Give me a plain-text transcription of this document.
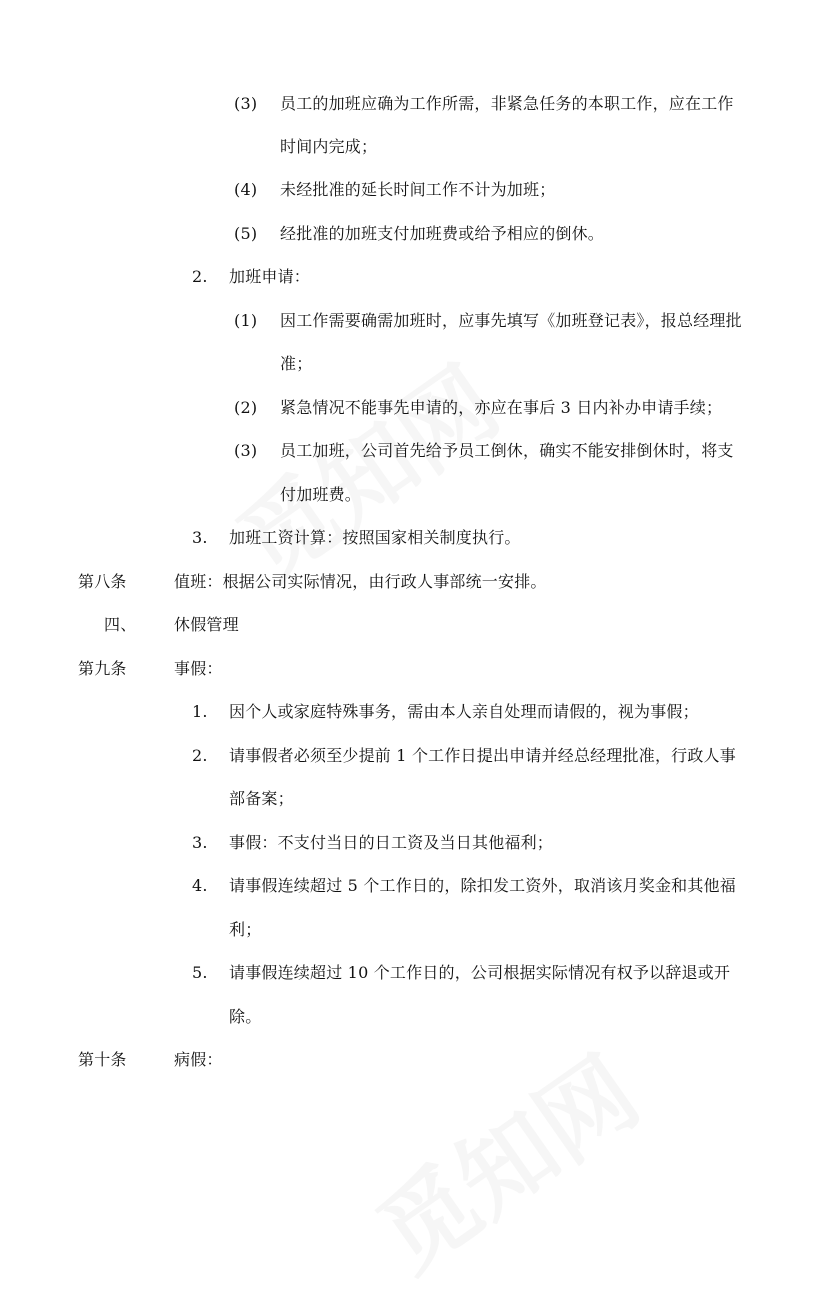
(3) 员工的加班应确为工作所需，非紧急任务的本职工作，应在工作
时间内完成；
(4) 未经批准的延长时间工作不计为加班；
(5) 经批准的加班支付加班费或给予相应的倒休。
2. 加班申请：
(1) 因工作需要确需加班时，应事先填写《加班登记表》，报总经理批
准；
(2) 紧急情况不能事先申请的，亦应在事后 3 日内补办申请手续；
(3) 员工加班，公司首先给予员工倒休，确实不能安排倒休时，将支
付加班费。
3. 加班工资计算：按照国家相关制度执行。
第八条	值班：根据公司实际情况，由行政人事部统一安排。
四、 休假管理
第九条	事假：
1. 因个人或家庭特殊事务，需由本人亲自处理而请假的，视为事假；
2. 请事假者必须至少提前 1 个工作日提出申请并经总经理批准，行政人事
部备案；
3. 事假：不支付当日的日工资及当日其他福利；
4. 请事假连续超过 5 个工作日的，除扣发工资外，取消该月奖金和其他福
利；
5. 请事假连续超过 10 个工作日的，公司根据实际情况有权予以辞退或开
除。
第十条	病假：
